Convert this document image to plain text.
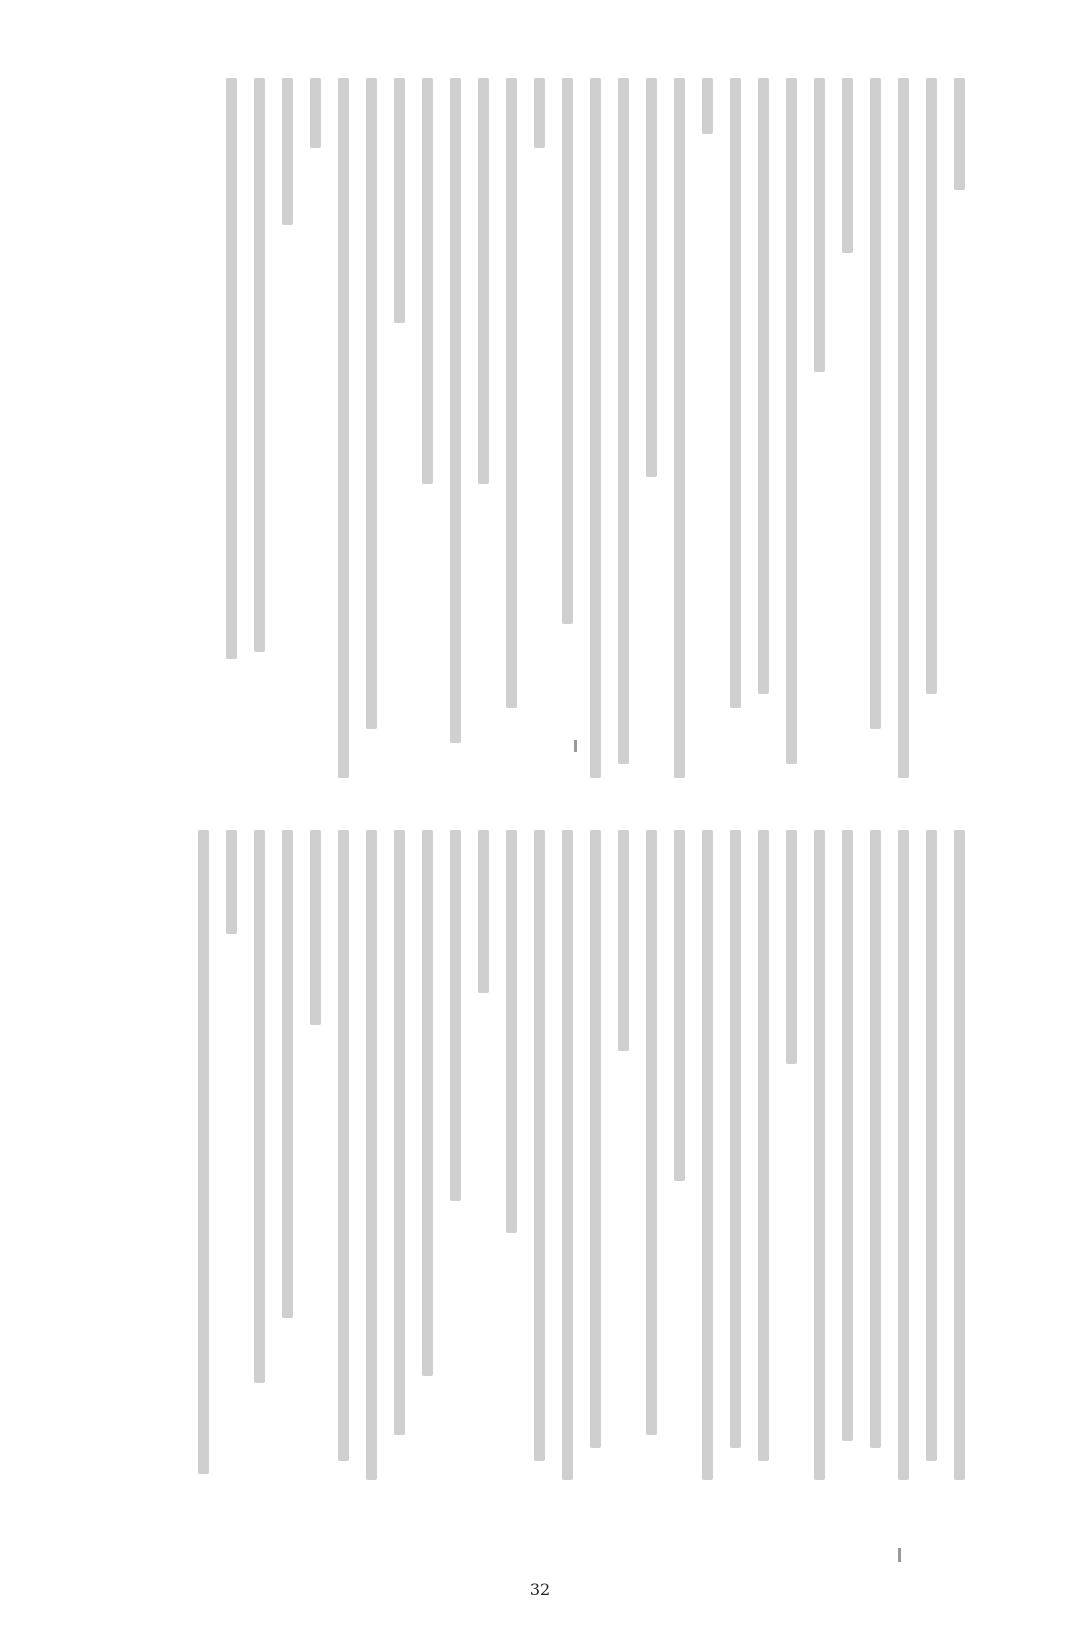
32
